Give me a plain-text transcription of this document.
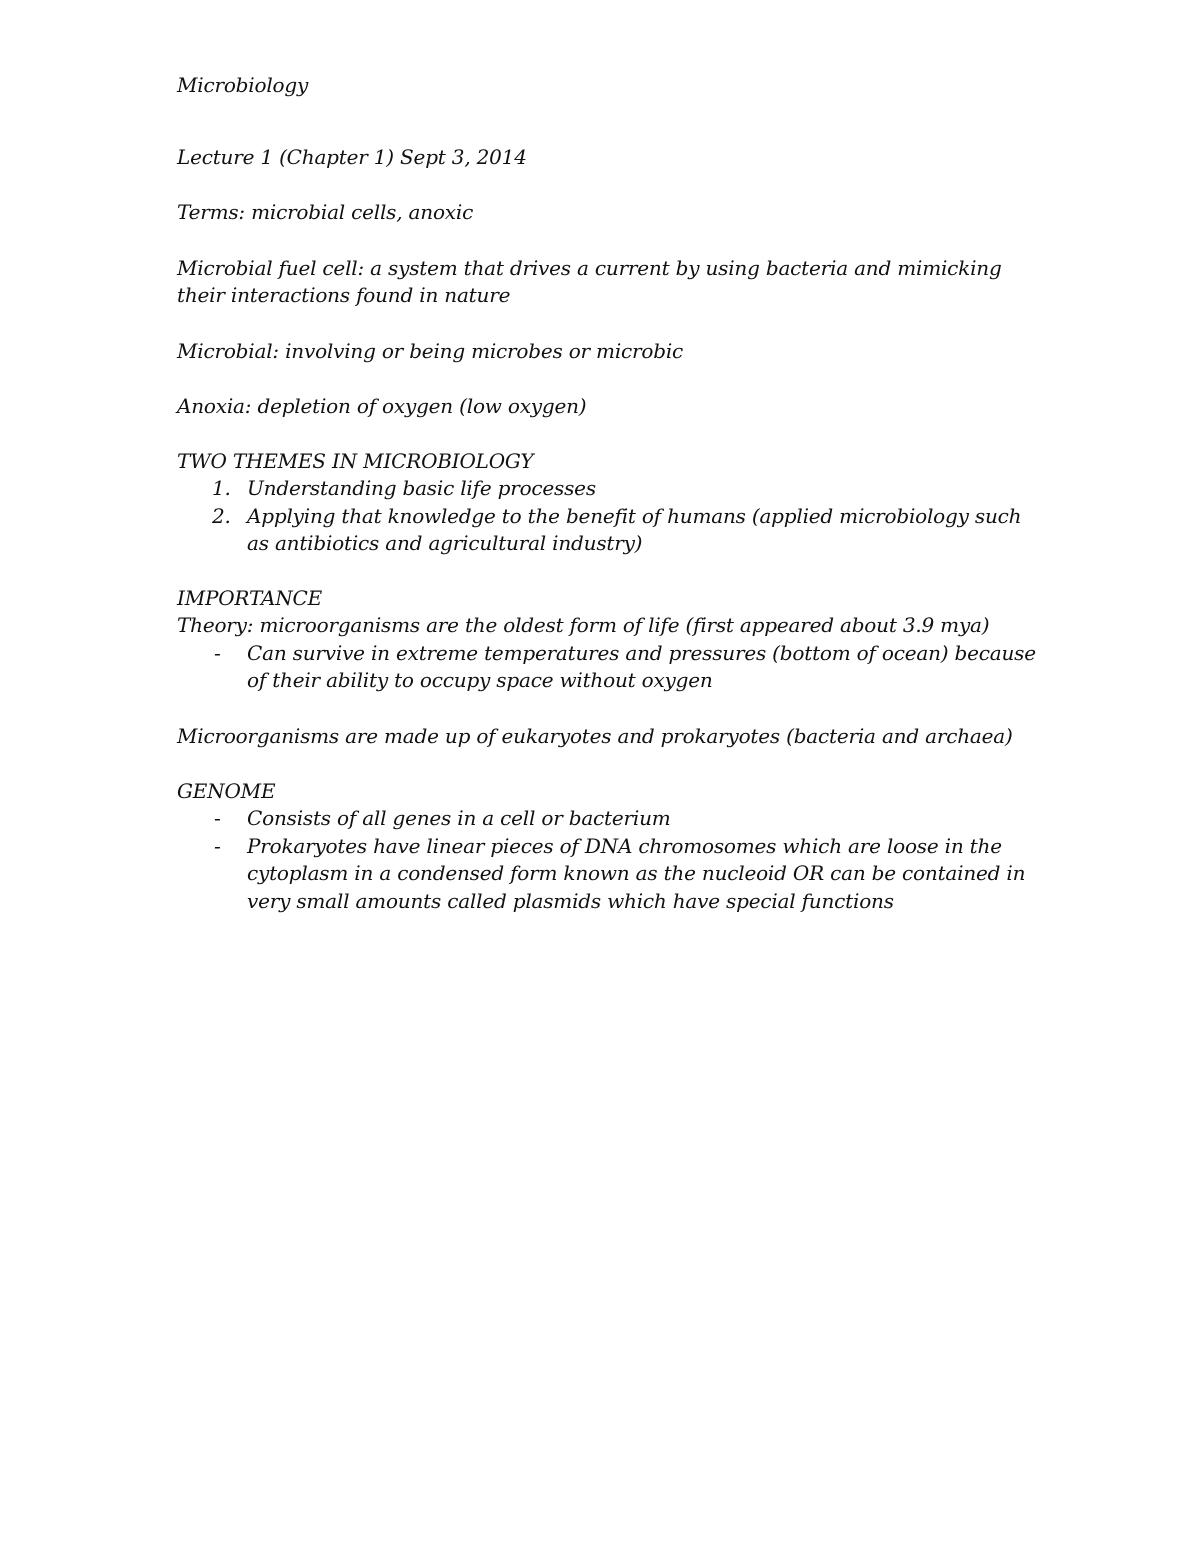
Microbiology
Lecture 1 (Chapter 1) Sept 3, 2014
Terms: microbial cells, anoxic
Microbial fuel cell: a system that drives a current by using bacteria and mimicking
their interactions found in nature
Microbial: involving or being microbes or microbic
Anoxia: depletion of oxygen (low oxygen)
TWO THEMES IN MICROBIOLOGY
1. Understanding basic life processes
2. Applying that knowledge to the benefit of humans (applied microbiology such
as antibiotics and agricultural industry)
IMPORTANCE
Theory: microorganisms are the oldest form of life (first appeared about 3.9 mya)
- Can survive in extreme temperatures and pressures (bottom of ocean) because
of their ability to occupy space without oxygen
Microorganisms are made up of eukaryotes and prokaryotes (bacteria and archaea)
GENOME
- Consists of all genes in a cell or bacterium
- Prokaryotes have linear pieces of DNA chromosomes which are loose in the
cytoplasm in a condensed form known as the nucleoid OR can be contained in
very small amounts called plasmids which have special functions
